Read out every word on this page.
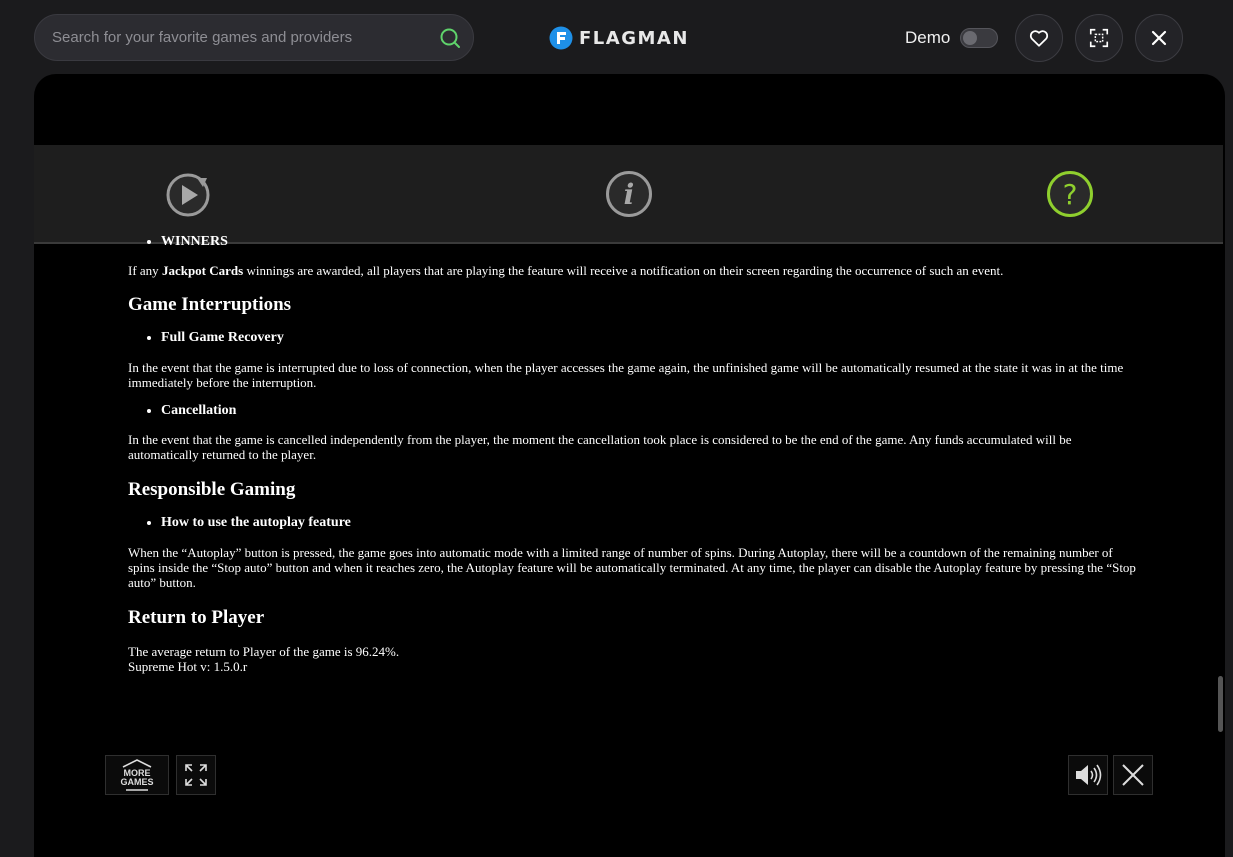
Search for your favorite games and providers
FLAGMAN	Demo
i	?
• WINNERS

If any Jackpot Cards winnings are awarded, all players that are playing the feature will receive a notification on their screen regarding the occurrence of such an event.

Game Interruptions
• Full Game Recovery

In the event that the game is interrupted due to loss of connection, when the player accesses the game again, the unfinished game will be automatically resumed at the state it was in at the time immediately before the interruption.

• Cancellation

In the event that the game is cancelled independently from the player, the moment the cancellation took place is considered to be the end of the game. Any funds accumulated will be automatically returned to the player.

Responsible Gaming
• How to use the autoplay feature

When the “Autoplay” button is pressed, the game goes into automatic mode with a limited range of number of spins. During Autoplay, there will be a countdown of the remaining number of spins inside the “Stop auto” button and when it reaches zero, the Autoplay feature will be automatically terminated. At any time, the player can disable the Autoplay feature by pressing the “Stop auto” button.

Return to Player

The average return to Player of the game is 96.24%.

Supreme Hot v: 1.5.0.r

MORE
GAMES
